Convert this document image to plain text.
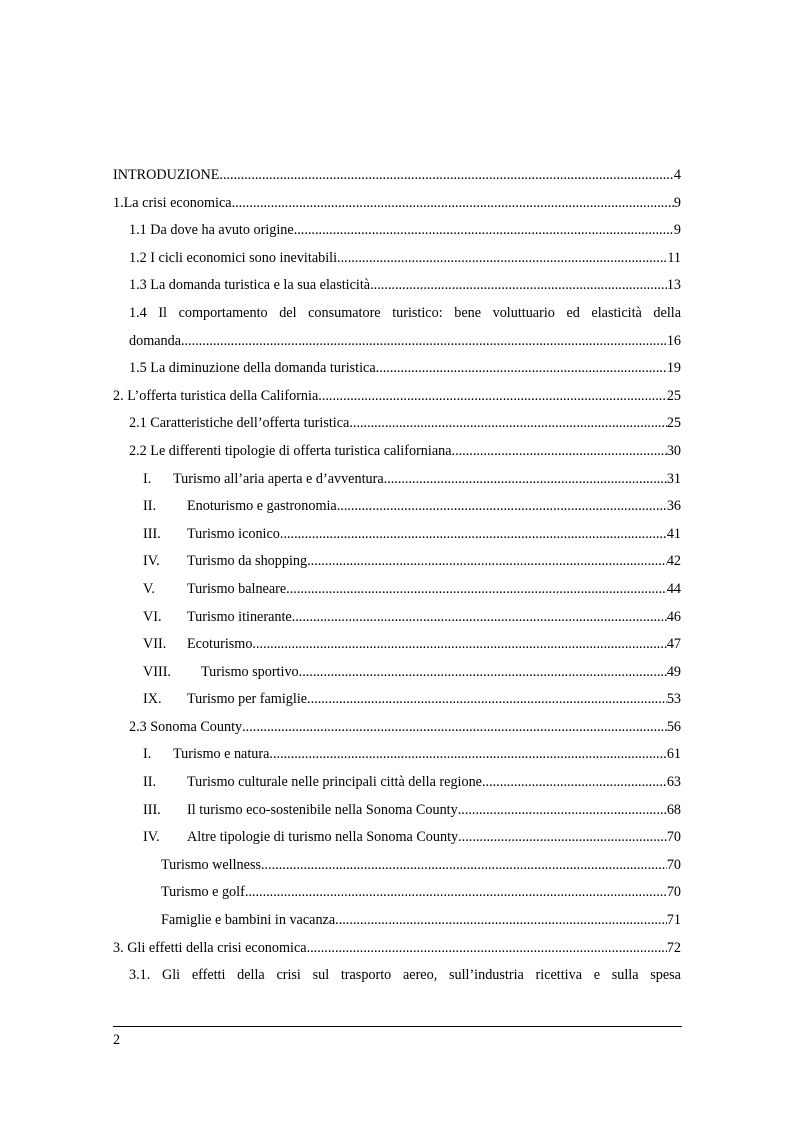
INTRODUZIONE .....	4
1.La crisi economica .....	9
1.1 Da dove ha avuto origine .....	9
1.2 I cicli economici sono inevitabili .....	11
1.3 La domanda turistica e la sua elasticità .....	13
1.4 Il comportamento del consumatore turistico: bene voluttuario ed elasticità della
domanda .....	16
1.5 La diminuzione della domanda turistica .....	19
2. L’offerta turistica della California .....	25
2.1 Caratteristiche dell’offerta turistica .....	25
2.2 Le differenti tipologie di offerta turistica californiana .....	30
I.	Turismo all’aria aperta e d’avventura. .....	31
II.	Enoturismo e gastronomia. .....	36
III.	Turismo iconico .....	41
IV.	Turismo da shopping. .....	42
V.	Turismo balneare. .....	44
VI.	Turismo itinerante. .....	46
VII.	Ecoturismo. .....	47
VIII.	Turismo sportivo .....	49
IX.	Turismo per famiglie. .....	53
2.3 Sonoma County .....	56
I.	Turismo e natura .....	61
II.	Turismo culturale nelle principali città della regione .....	63
III.	Il turismo eco-sostenibile nella Sonoma County .....	68
IV.	Altre tipologie di turismo nella Sonoma County .....	70
Turismo wellness .....	70
Turismo e golf .....	70
Famiglie e bambini in vacanza .....	71
3. Gli effetti della crisi economica .....	72
3.1. Gli effetti della crisi sul trasporto aereo, sull’industria ricettiva e sulla spesa
2
